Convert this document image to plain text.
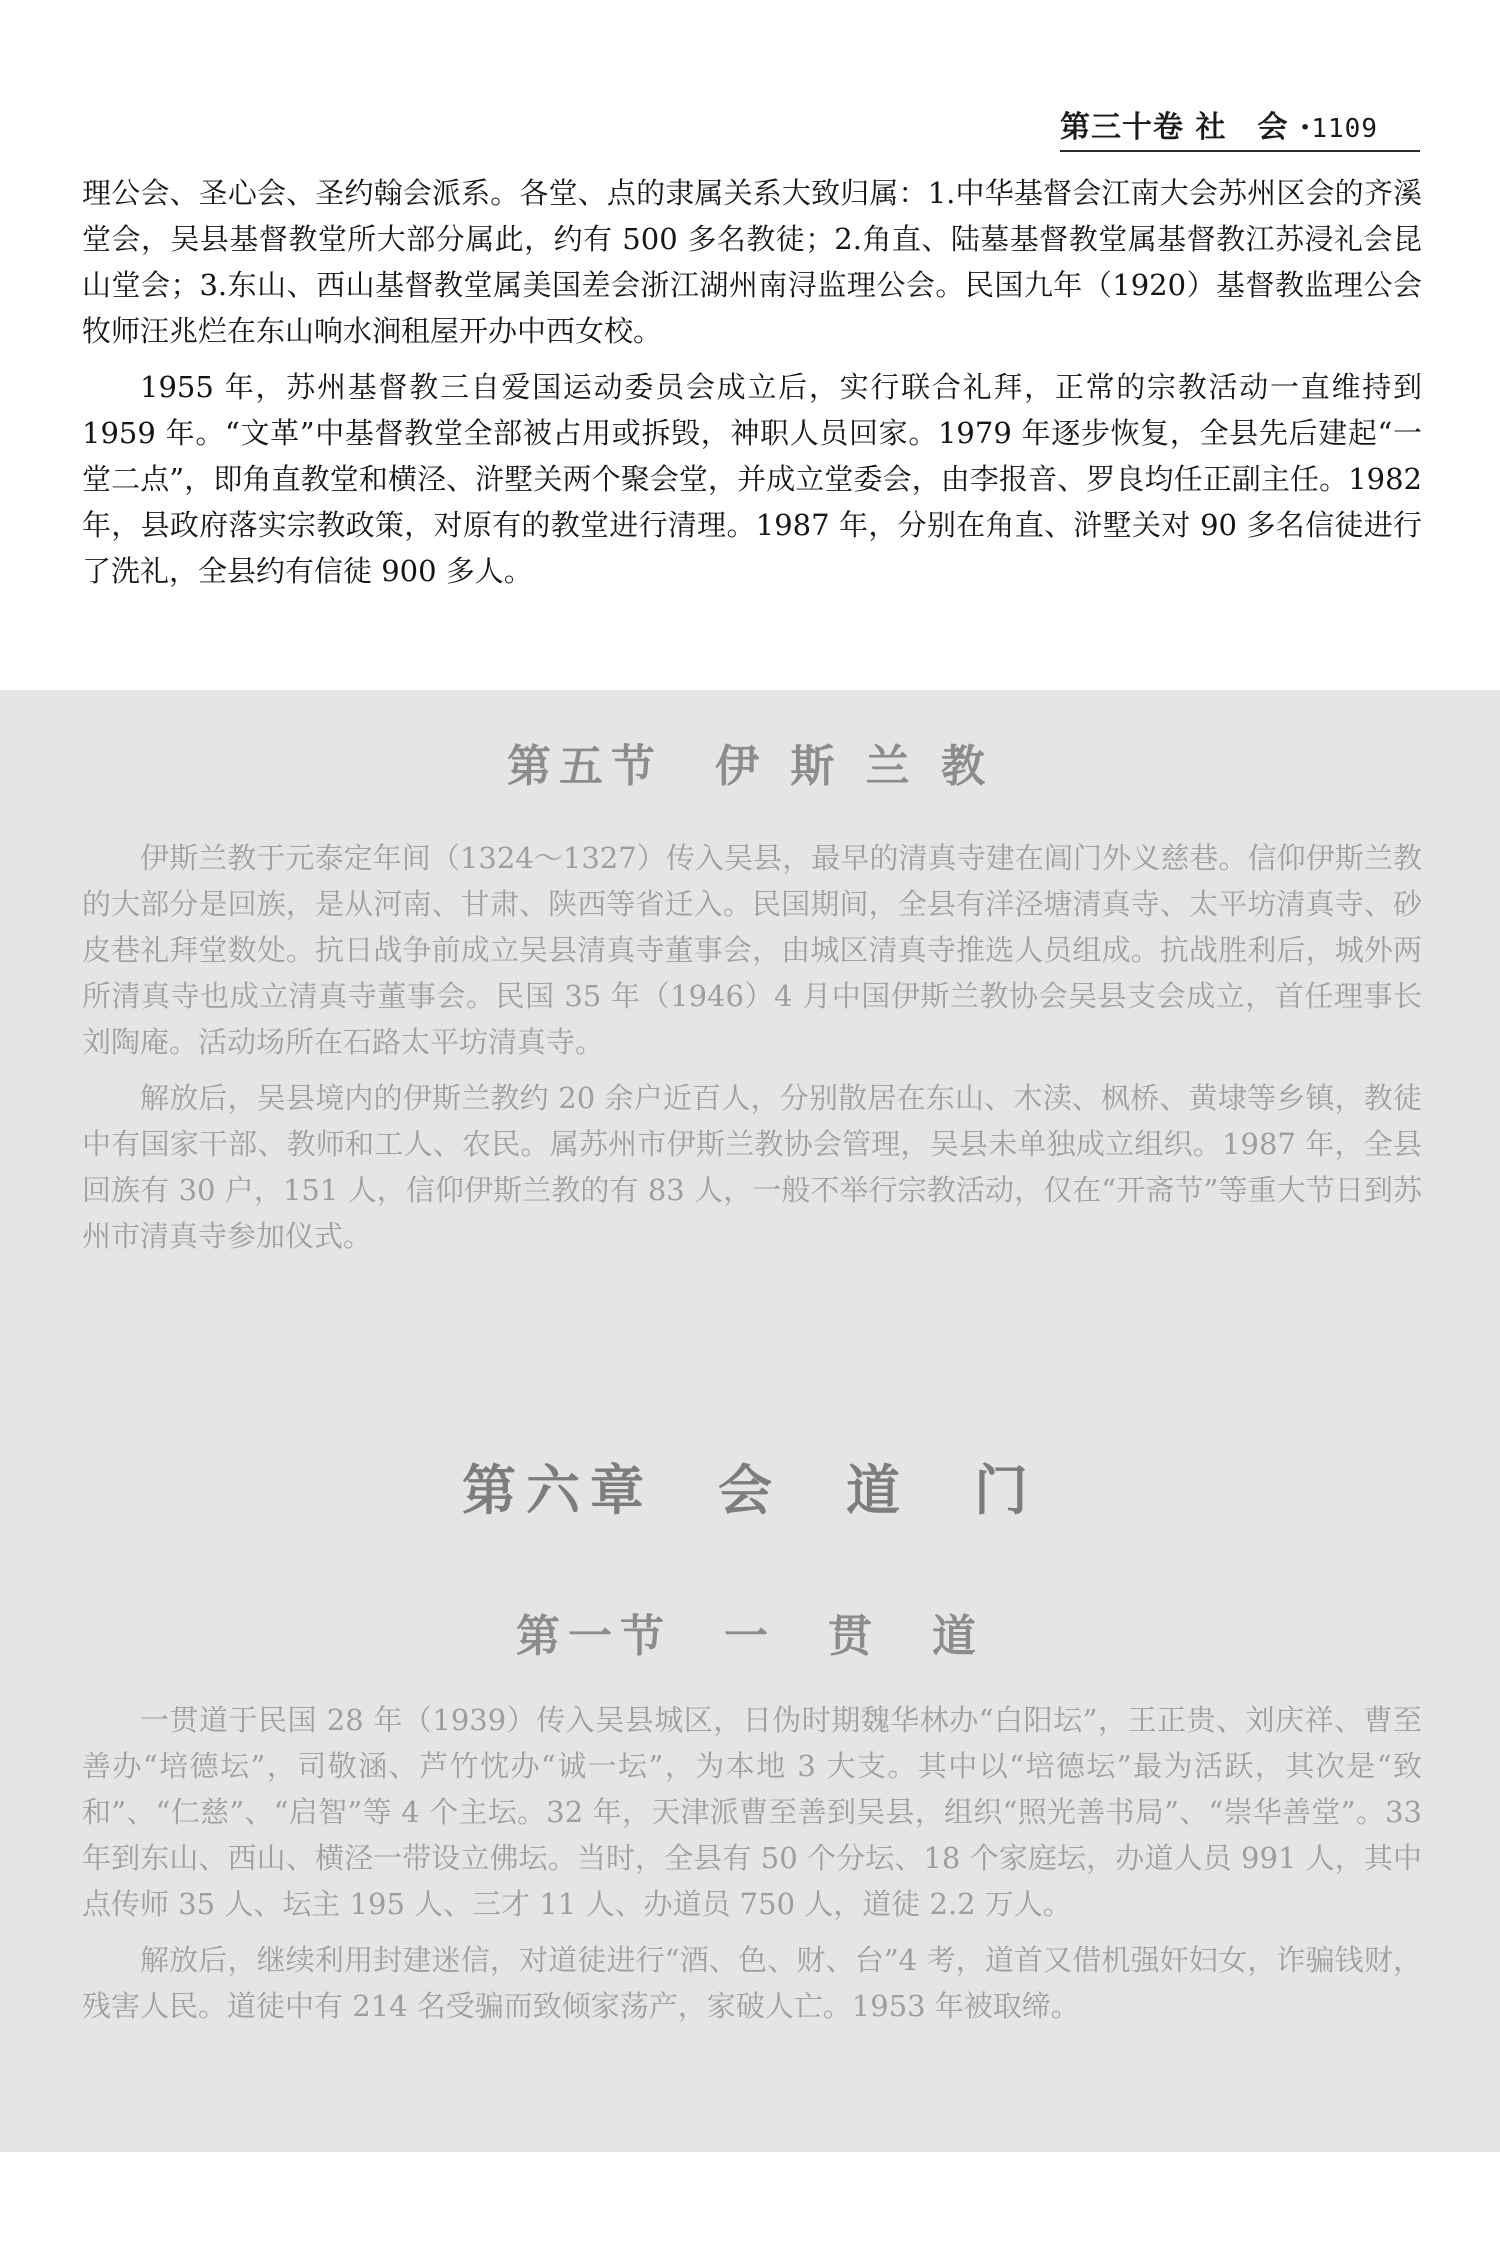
第三十卷 社　会 ·1109

理公会、圣心会、圣约翰会派系。各堂、点的隶属关系大致归属：1.中华基督会江南大会苏州区会的齐溪堂会，吴县基督教堂所大部分属此，约有 500 多名教徒；2.角直、陆墓基督教堂属基督教江苏浸礼会昆山堂会；3.东山、西山基督教堂属美国差会浙江湖州南浔监理公会。民国九年（1920）基督教监理公会牧师汪兆烂在东山响水涧租屋开办中西女校。

1955 年，苏州基督教三自爱国运动委员会成立后，实行联合礼拜，正常的宗教活动一直维持到 1959 年。“文革”中基督教堂全部被占用或拆毁，神职人员回家。1979 年逐步恢复，全县先后建起“一堂二点”，即角直教堂和横泾、浒墅关两个聚会堂，并成立堂委会，由李报音、罗良均任正副主任。1982 年，县政府落实宗教政策，对原有的教堂进行清理。1987 年，分别在角直、浒墅关对 90 多名信徒进行了洗礼，全县约有信徒 900 多人。

第五节　伊 斯 兰 教

伊斯兰教于元泰定年间（1324～1327）传入吴县，最早的清真寺建在阊门外义慈巷。信仰伊斯兰教的大部分是回族，是从河南、甘肃、陕西等省迁入。民国期间，全县有洋泾塘清真寺、太平坊清真寺、砂皮巷礼拜堂数处。抗日战争前成立吴县清真寺董事会，由城区清真寺推选人员组成。抗战胜利后，城外两所清真寺也成立清真寺董事会。民国 35 年（1946）4 月中国伊斯兰教协会吴县支会成立，首任理事长刘陶庵。活动场所在石路太平坊清真寺。

解放后，吴县境内的伊斯兰教约 20 余户近百人，分别散居在东山、木渎、枫桥、黄埭等乡镇，教徒中有国家干部、教师和工人、农民。属苏州市伊斯兰教协会管理，吴县未单独成立组织。1987 年，全县回族有 30 户，151 人，信仰伊斯兰教的有 83 人，一般不举行宗教活动，仅在“开斋节”等重大节日到苏州市清真寺参加仪式。

第六章　会　道　门
第一节　一　贯　道

一贯道于民国 28 年（1939）传入吴县城区，日伪时期魏华林办“白阳坛”，王正贵、刘庆祥、曹至善办“培德坛”，司敬涵、芦竹忱办“诚一坛”，为本地 3 大支。其中以“培德坛”最为活跃，其次是“致和”、“仁慈”、“启智”等 4 个主坛。32 年，天津派曹至善到吴县，组织“照光善书局”、“崇华善堂”。33 年到东山、西山、横泾一带设立佛坛。当时，全县有 50 个分坛、18 个家庭坛，办道人员 991 人，其中点传师 35 人、坛主 195 人、三才 11 人、办道员 750 人，道徒 2.2 万人。

解放后，继续利用封建迷信，对道徒进行“酒、色、财、台”4 考，道首又借机强奸妇女，诈骗钱财，残害人民。道徒中有 214 名受骗而致倾家荡产，家破人亡。1953 年被取缔。
